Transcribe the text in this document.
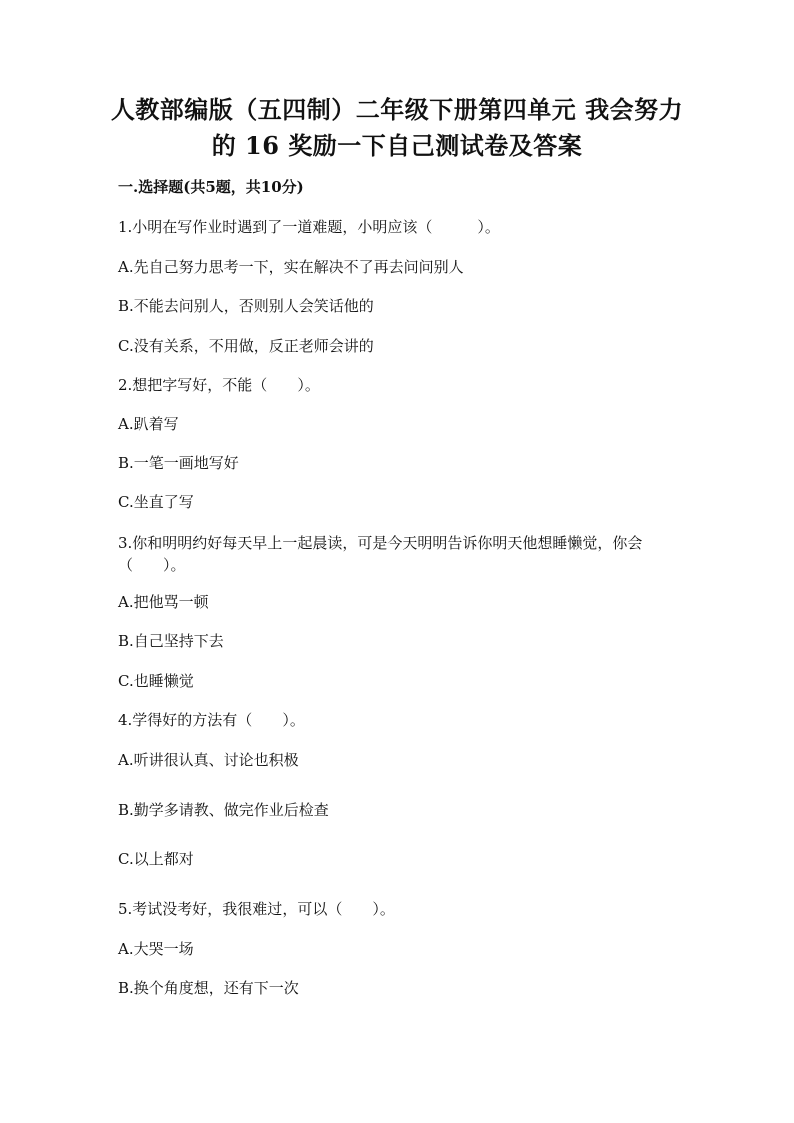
人教部编版（五四制）二年级下册第四单元 我会努力的 16 奖励一下自己测试卷及答案
一.选择题(共5题，共10分)
1.小明在写作业时遇到了一道难题，小明应该（　　　）。
A.先自己努力思考一下，实在解决不了再去问问别人
B.不能去问别人，否则别人会笑话他的
C.没有关系，不用做，反正老师会讲的
2.想把字写好，不能（　　）。
A.趴着写
B.一笔一画地写好
C.坐直了写
3.你和明明约好每天早上一起晨读，可是今天明明告诉你明天他想睡懒觉，你会（　　）。
A.把他骂一顿
B.自己坚持下去
C.也睡懒觉
4.学得好的方法有（　　）。
A.听讲很认真、讨论也积极
B.勤学多请教、做完作业后检查
C.以上都对
5.考试没考好，我很难过，可以（　　）。
A.大哭一场
B.换个角度想，还有下一次
